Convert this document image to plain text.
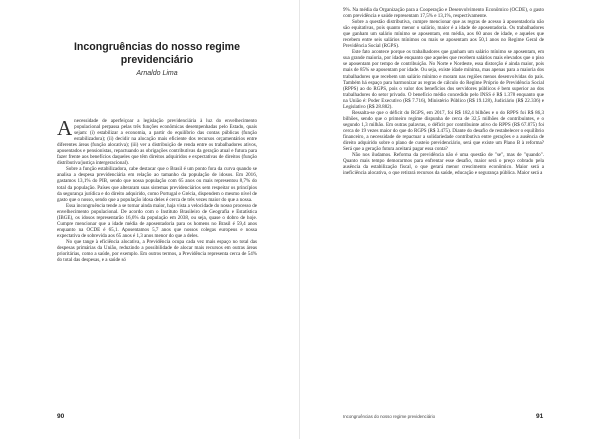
Incongruências do nosso regime previdenciário
Arnaldo Lima

Anecessidade de aperfeiçoar a legislação previdenciária à luz do envelhecimento populacional perpassa pelas três funções econômicas desempenhadas pelo Estado, quais sejam: (i) estabilizar a economia, a partir do equilíbrio das contas públicas (função estabilizadora); (ii) decidir na alocação mais eficiente dos recursos orçamentários entre diferentes áreas (função alocativa); (iii) ver a distribuição de renda entre os trabalhadores ativos, aposentados e pensionistas, repactuando as obrigações contributivas da geração atual e futura para fazer frente aos benefícios daqueles que têm direitos adquiridos e expectativas de direitos (função distributiva/justiça intergeracional).

Sobre a função estabilizadora, cabe destacar que o Brasil é um ponto fora da curva quando se analisa a despesa previdenciária em relação ao tamanho da população de idosos. Em 2016, gastamos 13,1% do PIB, sendo que nossa população com 65 anos ou mais representou 8,7% do total da população. Países que alteraram suas sistemas previdenciários sem respeitar os princípios da segurança jurídica e do direito adquirido, como Portugal e Grécia, dispendem o mesmo nível de gasto que o nosso, sendo que a população idosa deles é cerca de três vezes maior do que a nossa.

Essa incongruência tende a se tornar ainda maior, haja vista a velocidade do nosso processo de envelhecimento populacional. De acordo com o Instituto Brasileiro de Geografia e Estatística (IBGE), os idosos representarão 16,6% da população em 2038, ou seja, quase o dobro de hoje. Cumpre mencionar que a idade média de aposentadoria para os homens no Brasil é 59,4 anos enquanto na OCDE é 65,1. Aposentamos 5,7 anos que nossos colegas europeus e nossa expectativa de sobrevida aos 65 anos é 1,3 anos menor do que a deles.

No que tange à eficiência alocativa, a Previdência ocupa cada vez mais espaço no total das despesas primárias da União, reduzindo a possibilidade de alocar mais recursos em outras áreas prioritárias, como a saúde, por exemplo. Em outros termos, a Previdência representa cerca de 54% do total das despesas, e a saúde só

90

9%. Na média da Organização para a Cooperação e Desenvolvimento Econômico (OCDE), o gasto com previdência e saúde representam 17,5% e 13,1%, respectivamente.

Sobre a questão distributiva, cumpre mencionar que as regras de acesso à aposentadoria não são equitativas, pois quanto menor o salário, maior é a idade de aposentadoria. Os trabalhadores que ganham um salário mínimo se aposentam, em média, aos 60 anos de idade, e aqueles que recebem entre seis salários mínimos ou mais se aposentam aos 50,1 anos no Regime Geral de Previdência Social (RGPS).

Este fato acontece porque os trabalhadores que ganham um salário mínimo se aposentam, em sua grande maioria, por idade enquanto que aqueles que recebem salários mais elevados que o piso se aposentam por tempo de contribuição. No Norte e Nordeste, essa distorção é ainda maior, pois mais de 85% se aposentam por idade. Ou seja, existe idade mínima, mas apenas para a maioria dos trabalhadores que recebem um salário mínimo e moram nas regiões menos desenvolvidas do país. Também há espaço para harmonizar as regras de cálculo do Regime Próprio de Previdência Social (RPPS) ao do RGPS, pois o valor dos benefícios dos servidores públicos é bem superior ao dos trabalhadores do setor privado. O benefício médio concedido pelo INSS é R$ 1.378 enquanto que na União é: Poder Executivo (R$ 7.716), Ministério Público (R$ 19.128), Judiciário (R$ 22.336) e Legislativo (R$ 28.882).

Ressalta-se que o déficit do RGPS, em 2017, foi R$ 182,4 bilhões e o do RPPS foi R$ 86,3 bilhões, sendo que o primeiro regime dispunha de cerca de 32,5 milhões de contribuintes, e o segundo 1,3 milhão. Em outras palavras, o déficit por contribuinte ativo do RPPS (R$ 67.875) foi cerca de 19 vezes maior do que do RGPS (R$ 3.475). Diante do desafio de restabelecer o equilíbrio financeiro, a necessidade de repactuar a solidariedade contributiva entre gerações e a ausência de direito adquirido sobre o plano de custeio previdenciário, será que existe um Plano B à reforma? Será que a geração futura aceitará pagar essa conta?

Não nos iludamos. Reforma da previdência não é uma questão de "se", mas de "quando". Quanto mais tempo demorarmos para enfrentar esse desafio, maior será o preço cobrado pela ausência da estabilização fiscal, o que gerará menor crescimento econômico. Maior será a ineficiência alocativa, o que retirará recursos da saúde, educação e segurança pública. Maior será a

Incongruências do nosso regime previdenciário	91
